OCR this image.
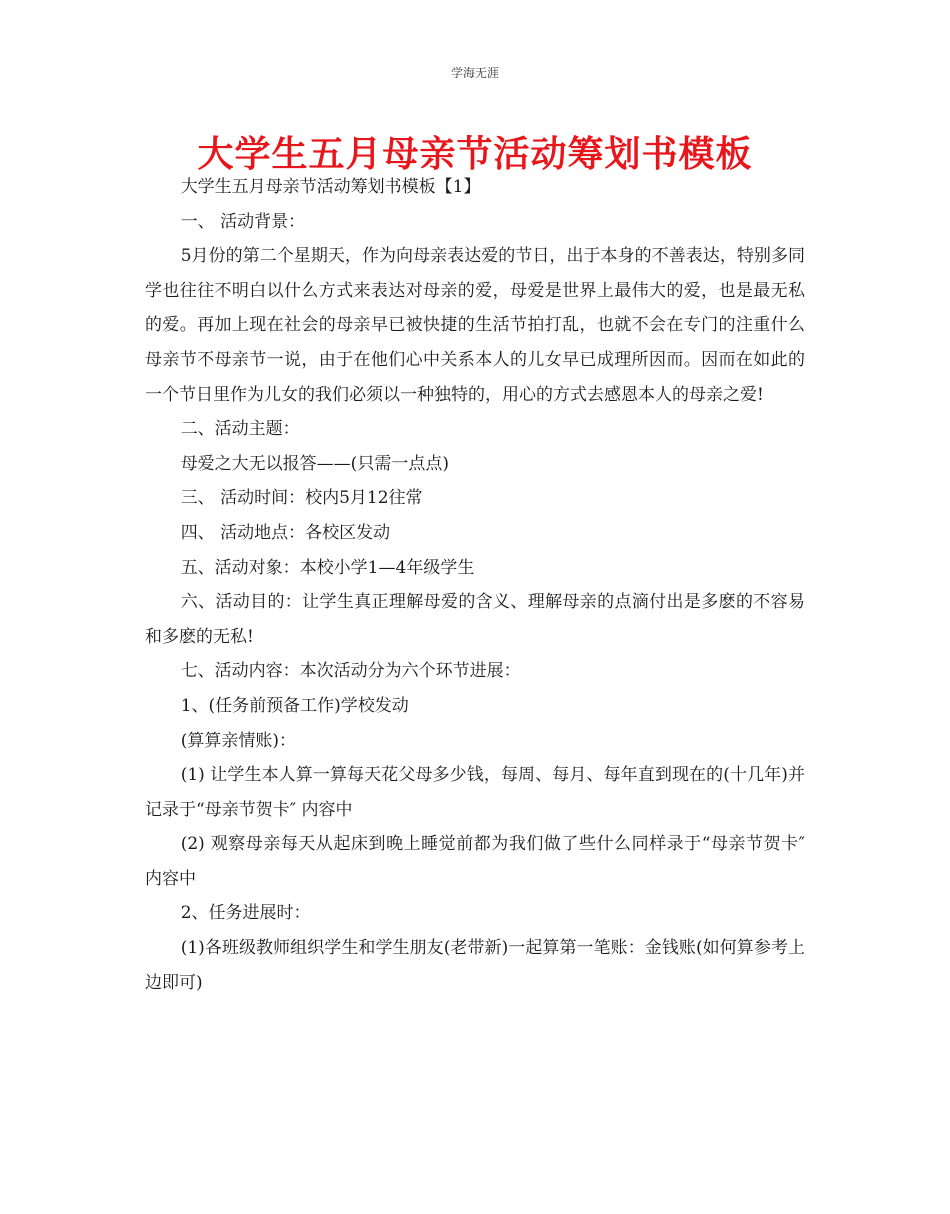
学海无涯
大学生五月母亲节活动筹划书模板

大学生五月母亲节活动筹划书模板【1】

一、 活动背景：

5月份的第二个星期天，作为向母亲表达爱的节日，出于本身的不善表达，特别多同学也往往不明白以什么方式来表达对母亲的爱，母爱是世界上最伟大的爱，也是最无私的爱。再加上现在社会的母亲早已被快捷的生活节拍打乱，也就不会在专门的注重什么母亲节不母亲节一说，由于在他们心中关系本人的儿女早已成理所因而。因而在如此的一个节日里作为儿女的我们必须以一种独特的，用心的方式去感恩本人的母亲之爱!

二、活动主题：

母爱之大无以报答——(只需一点点)

三、 活动时间：校内5月12往常

四、 活动地点：各校区发动

五、活动对象：本校小学1—4年级学生

六、活动目的：让学生真正理解母爱的含义、理解母亲的点滴付出是多麽的不容易和多麽的无私!

七、活动内容：本次活动分为六个环节进展：

1、(任务前预备工作)学校发动

(算算亲情账)：

(1) 让学生本人算一算每天花父母多少钱，每周、每月、每年直到现在的(十几年)并记录于“母亲节贺卡″ 内容中

(2) 观察母亲每天从起床到晚上睡觉前都为我们做了些什么同样录于“母亲节贺卡″ 内容中

2、任务进展时：

(1)各班级教师组织学生和学生朋友(老带新)一起算第一笔账：金钱账(如何算参考上边即可)
